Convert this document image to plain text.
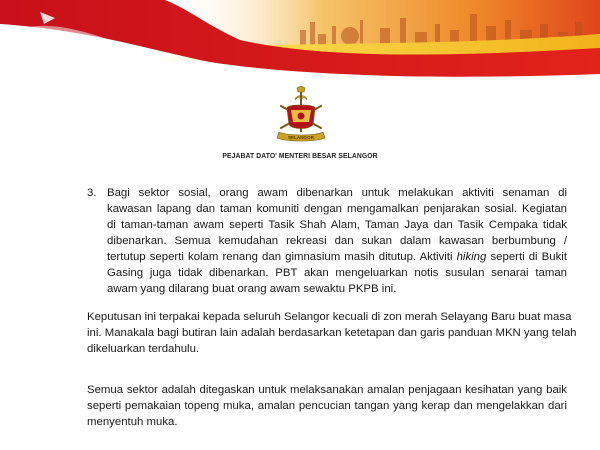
SELANGOR
PEJABAT DATO' MENTERI BESAR SELANGOR
3. Bagi sektor sosial, orang awam dibenarkan untuk melakukan aktiviti senaman di
kawasan lapang dan taman komuniti dengan mengamalkan penjarakan sosial. Kegiatan
di taman-taman awam seperti Tasik Shah Alam, Taman Jaya dan Tasik Cempaka tidak
dibenarkan. Semua kemudahan rekreasi dan sukan dalam kawasan berbumbung /
tertutup seperti kolam renang dan gimnasium masih ditutup. Aktiviti hiking seperti di Bukit
Gasing juga tidak dibenarkan. PBT akan mengeluarkan notis susulan senarai taman
awam yang dilarang buat orang awam sewaktu PKPB ini.
Keputusan ini terpakai kepada seluruh Selangor kecuali di zon merah Selayang Baru buat masa
ini. Manakala bagi butiran lain adalah berdasarkan ketetapan dan garis panduan MKN yang telah
dikeluarkan terdahulu.
Semua sektor adalah ditegaskan untuk melaksanakan amalan penjagaan kesihatan yang baik
seperti pemakaian topeng muka, amalan pencucian tangan yang kerap dan mengelakkan dari
menyentuh muka.
